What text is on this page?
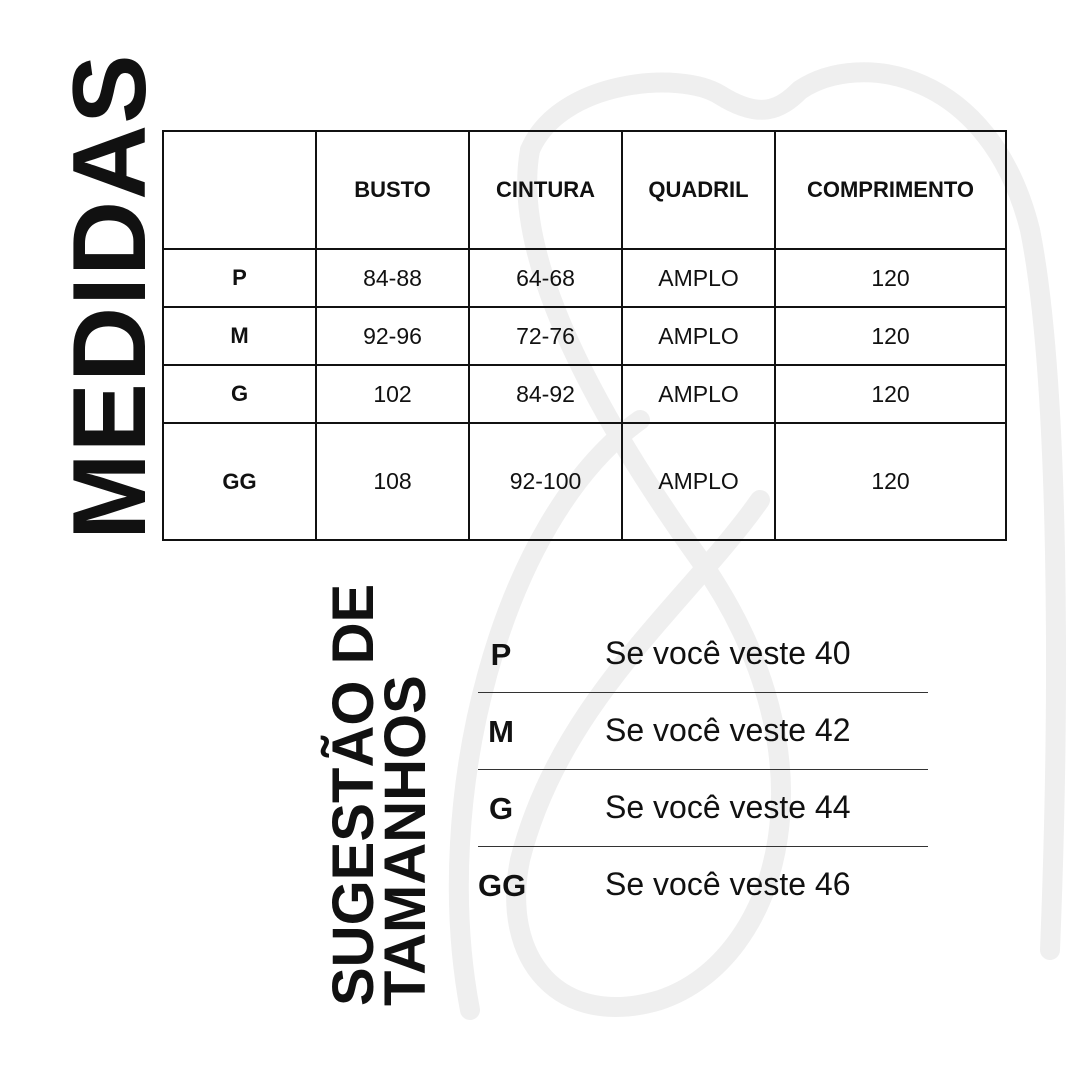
MEDIDAS
		BUSTO	CINTURA	QUADRIL	COMPRIMENTO
P	84-88	64-68	AMPLO	120
M	92-96	72-76	AMPLO	120
G	102	84-92	AMPLO	120
GG	108	92-100	AMPLO	120
SUGESTÃO DE
TAMANHOS
P	Se você veste 40
M	Se você veste 42
G	Se você veste 44
GG Se você veste 46
